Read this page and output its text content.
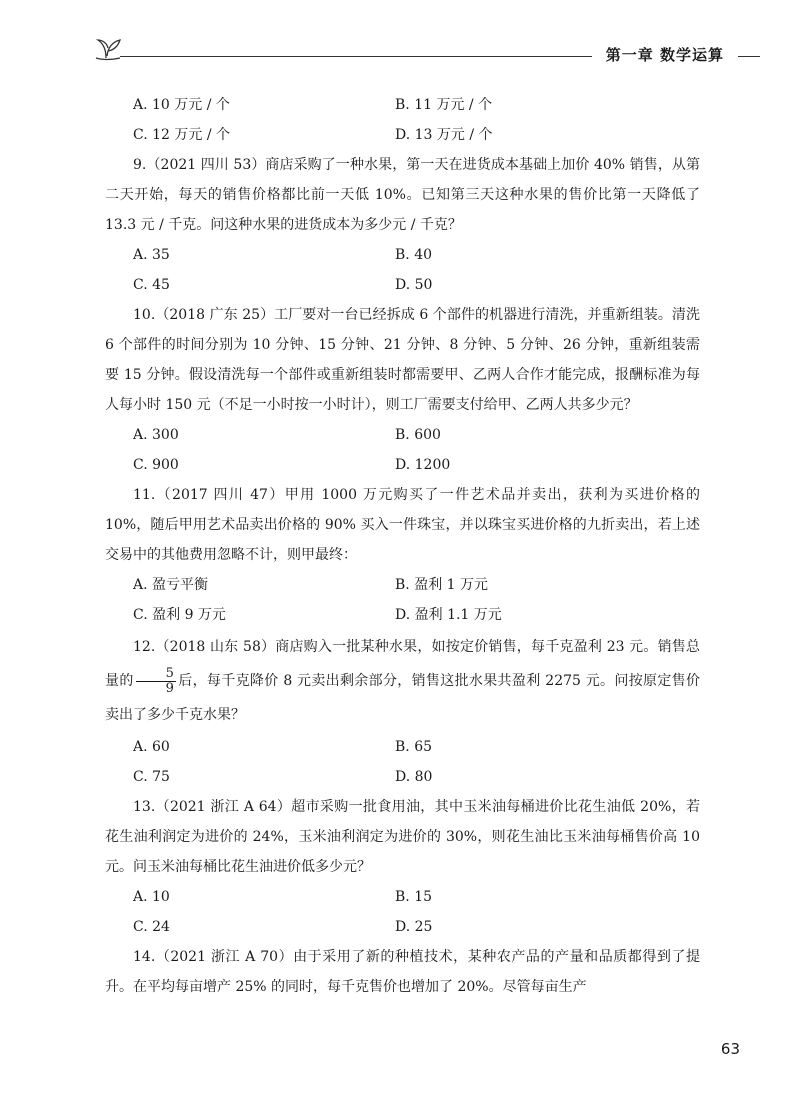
第一章 数学运算
A. 10 万元 / 个	B. 11 万元 / 个
C. 12 万元 / 个	D. 13 万元 / 个
9.（2021 四川 53）商店采购了一种水果，第一天在进货成本基础上加价 40% 销售，从第二天开始，每天的销售价格都比前一天低 10%。已知第三天这种水果的售价比第一天降低了 13.3 元 / 千克。问这种水果的进货成本为多少元 / 千克？
A. 35	B. 40
C. 45	D. 50
10.（2018 广东 25）工厂要对一台已经拆成 6 个部件的机器进行清洗，并重新组装。清洗 6 个部件的时间分别为 10 分钟、15 分钟、21 分钟、8 分钟、5 分钟、26 分钟，重新组装需要 15 分钟。假设清洗每一个部件或重新组装时都需要甲、乙两人合作才能完成，报酬标准为每人每小时 150 元（不足一小时按一小时计），则工厂需要支付给甲、乙两人共多少元？
A. 300	B. 600
C. 900	D. 1200
11.（2017 四川 47）甲用 1000 万元购买了一件艺术品并卖出，获利为买进价格的 10%，随后甲用艺术品卖出价格的 90% 买入一件珠宝，并以珠宝买进价格的九折卖出，若上述交易中的其他费用忽略不计，则甲最终：
A. 盈亏平衡	B. 盈利 1 万元
C. 盈利 9 万元	D. 盈利 1.1 万元
12.（2018 山东 58）商店购入一批某种水果，如按定价销售，每千克盈利 23 元。销售总量的 $\frac{5}{9}$ 后，每千克降价 8 元卖出剩余部分，销售这批水果共盈利 2275 元。问按原定售价卖出了多少千克水果？
A. 60	B. 65
C. 75	D. 80
13.（2021 浙江 A 64）超市采购一批食用油，其中玉米油每桶进价比花生油低 20%，若花生油利润定为进价的 24%，玉米油利润定为进价的 30%，则花生油比玉米油每桶售价高 10 元。问玉米油每桶比花生油进价低多少元？
A. 10	B. 15
C. 24	D. 25
14.（2021 浙江 A 70）由于采用了新的种植技术，某种农产品的产量和品质都得到了提升。在平均每亩增产 25% 的同时，每千克售价也增加了 20%。尽管每亩生产
63
